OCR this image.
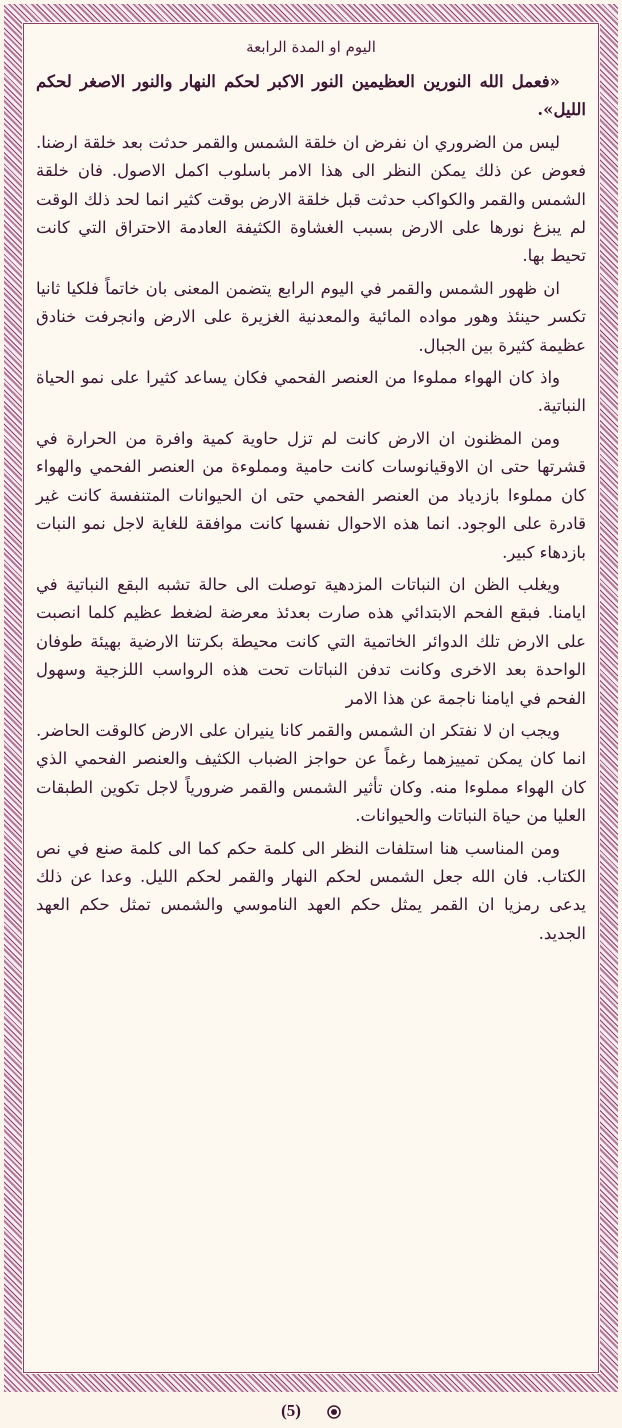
اليوم او المدة الرابعة

«فعمل الله النورين العظيمين النور الاكبر لحكم النهار والنور الاصغر لحكم الليل».

ليس من الضروري ان نفرض ان خلقة الشمس والقمر حدثت بعد خلقة ارضنا. فعوض عن ذلك يمكن النظر الى هذا الامر باسلوب اكمل الاصول. فان خلقة الشمس والقمر والكواكب حدثت قبل خلقة الارض بوقت كثير انما لحد ذلك الوقت لم يبزغ نورها على الارض بسبب الغشاوة الكثيفة العادمة الاحتراق التي كانت تحيط بها.

ان ظهور الشمس والقمر في اليوم الرابع يتضمن المعنى بان خاتماً فلكيا ثانيا تكسر حينئذ وهور مواده المائية والمعدنية الغزيرة على الارض وانجرفت خنادق عظيمة كثيرة بين الجبال.

واذ كان الهواء مملوءا من العنصر الفحمي فكان يساعد كثيرا على نمو الحياة النباتية.

ومن المظنون ان الارض كانت لم تزل حاوية كمية وافرة من الحرارة في قشرتها حتى ان الاوقيانوسات كانت حامية ومملوءة من العنصر الفحمي والهواء كان مملوءا بازدياد من العنصر الفحمي حتى ان الحيوانات المتنفسة كانت غير قادرة على الوجود. انما هذه الاحوال نفسها كانت موافقة للغاية لاجل نمو النبات بازدهاء كبير.

ويغلب الظن ان النباتات المزدهية توصلت الى حالة تشبه البقع النباتية في ايامنا. فبقع الفحم الابتدائي هذه صارت بعدئذ معرضة لضغط عظيم كلما انصبت على الارض تلك الدوائر الخاتمية التي كانت محيطة بكرتنا الارضية بهيئة طوفان الواحدة بعد الاخرى وكانت تدفن النباتات تحت هذه الرواسب اللزجية وسهول الفحم في ايامنا ناجمة عن هذا الامر

ويجب ان لا نفتكر ان الشمس والقمر كانا ينيران على الارض كالوقت الحاضر. انما كان يمكن تمييزهما رغماً عن حواجز الضباب الكثيف والعنصر الفحمي الذي كان الهواء مملوءا منه. وكان تأثير الشمس والقمر ضرورياً لاجل تكوين الطبقات العليا من حياة النباتات والحيوانات.

ومن المناسب هنا استلفات النظر الى كلمة حكم كما الى كلمة صنع في نص الكتاب. فان الله جعل الشمس لحكم النهار والقمر لحكم الليل. وعدا عن ذلك يدعى رمزيا ان القمر يمثل حكم العهد الناموسي والشمس تمثل حكم العهد الجديد.

(5)
